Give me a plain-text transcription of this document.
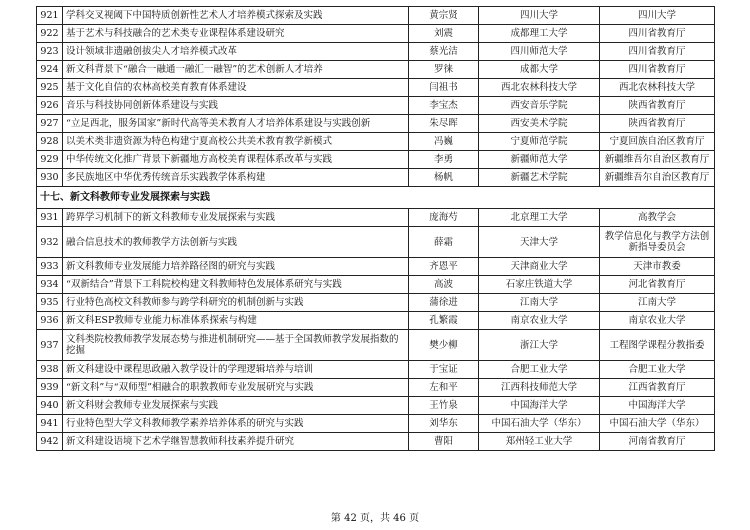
921	学科交叉视阈下中国特质创新性艺术人才培养模式探索及实践	黄宗贤	四川大学	四川大学
922	基于艺术与科技融合的艺术类专业课程体系建设研究	刘震	成都理工大学	四川省教育厅
923	设计领域非遗融创拔尖人才培养模式改革	蔡光洁	四川师范大学	四川省教育厅
924	新文科背景下“融合一融通一融汇一融智”的艺术创新人才培养	罗徕	成都大学	四川省教育厅
925	基于文化自信的农林高校美育教育体系建设	闫祖书	西北农林科技大学	西北农林科技大学
926	音乐与科技协同创新体系建设与实践	李宝杰	西安音乐学院	陕西省教育厅
927	“立足西北，服务国家”新时代高等美术教育人才培养体系建设与实践创新	朱尽晖	西安美术学院	陕西省教育厅
928	以美术类非遗资源为特色构建宁夏高校公共美术教育教学新模式	冯巍	宁夏师范学院	宁夏回族自治区教育厅
929	中华传统文化推广背景下新疆地方高校美育课程体系改革与实践	李勇	新疆师范大学	新疆维吾尔自治区教育厅
930	多民族地区中华优秀传统音乐实践教学体系构建	杨帆	新疆艺术学院	新疆维吾尔自治区教育厅
十七、新文科教师专业发展探索与实践				
931	跨界学习机制下的新文科教师专业发展探索与实践	庞海芍	北京理工大学	高教学会
932	融合信息技术的教师教学方法创新与实践	薛霜	天津大学	教学信息化与教学方法创新指导委员会
933	新文科教师专业发展能力培养路径图的研究与实践	齐恩平	天津商业大学	天津市教委
934	“双新结合”背景下工科院校构建文科教师特色发展体系研究与实践	高波	石家庄铁道大学	河北省教育厅
935	行业特色高校文科教师参与跨学科研究的机制创新与实践	蒲徐进	江南大学	江南大学
936	新文科ESP教师专业能力标准体系探索与构建	孔繁霞	南京农业大学	南京农业大学
937	文科类院校教师教学发展态势与推进机制研究——基于全国教师教学发展指数的挖掘	樊少柳	浙江大学	工程图学课程分教指委
938	新文科建设中课程思政融入教学设计的学理逻辑培养与培训	于宝证	合肥工业大学	合肥工业大学
939	“新文科”与“双师型”相融合的职教教师专业发展研究与实践	左和平	江西科技师范大学	江西省教育厅
940	新文科财会教师专业发展探索与实践	王竹泉	中国海洋大学	中国海洋大学
941	行业特色型大学文科教师教学素养培养体系的研究与实践	刘华东	中国石油大学（华东）	中国石油大学（华东）
942	新文科建设语境下艺术学继智慧教师科技素养提升研究	曹阳	郑州轻工业大学	河南省教育厅
第 42 页，共 46 页
